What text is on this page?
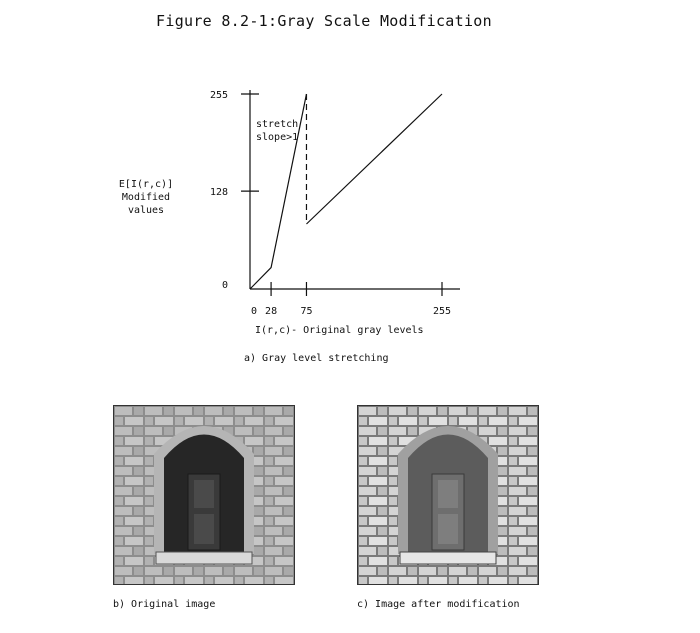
Figure 8.2-1:Gray Scale Modification
0
128
255
0 28 75	255
E[I(r,c)]
Modified
values
stretch
slope>1
I(r,c)- Original gray levels
a) Gray level stretching
b) Original image	c) Image after modification
